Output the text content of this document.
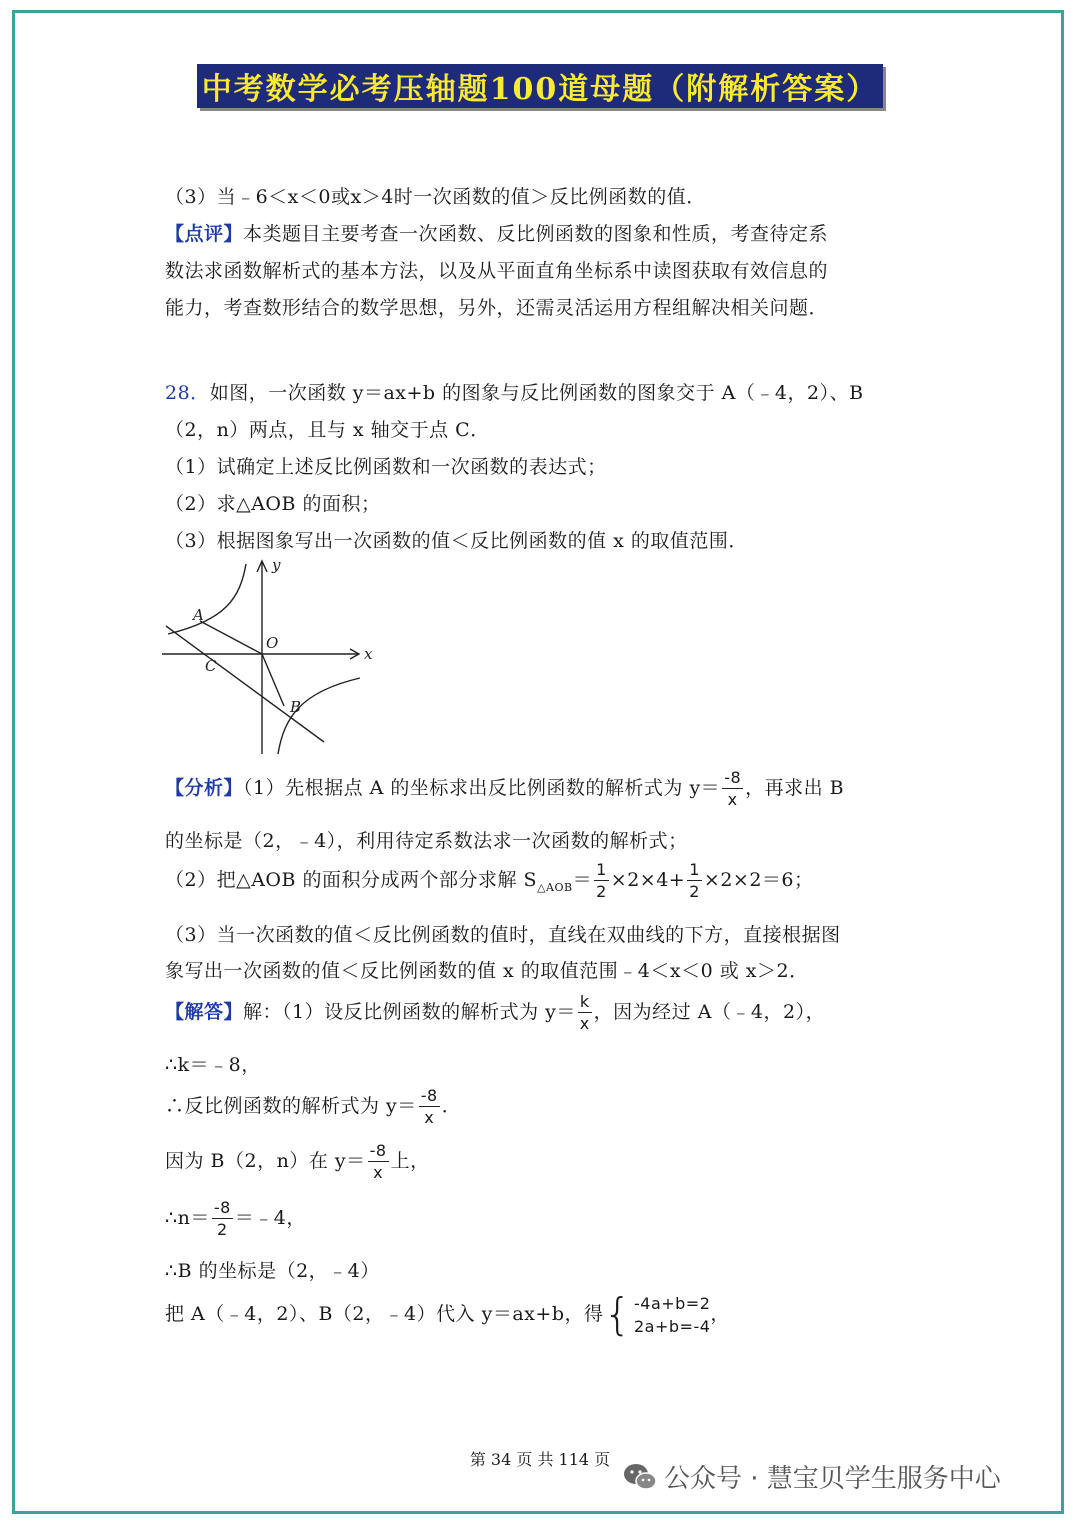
中考数学必考压轴题100道母题（附解析答案）
（3）当﹣6＜x＜0或x＞4时一次函数的值＞反比例函数的值．
【点评】本类题目主要考查一次函数、反比例函数的图象和性质，考查待定系
数法求函数解析式的基本方法，以及从平面直角坐标系中读图获取有效信息的
能力，考查数形结合的数学思想，另外，还需灵活运用方程组解决相关问题．
28．如图，一次函数 y＝ax+b 的图象与反比例函数的图象交于 A（﹣4，2）、B
（2，n）两点，且与 x 轴交于点 C．
（1）试确定上述反比例函数和一次函数的表达式；
（2）求△AOB 的面积；
（3）根据图象写出一次函数的值＜反比例函数的值 x 的取值范围．
A
B
C
O
x
y
【分析】（1）先根据点 A 的坐标求出反比例函数的解析式为 $y= \frac{-8}{x}$ ，再求出 B
的坐标是（2，﹣4），利用待定系数法求一次函数的解析式；
（2）把△AOB 的面积分成两个部分求解 $S_{\triangle AOB}= \frac{1}{2} \times 2\times 4+ \frac{1}{2} \times 2\times 2=6$；
（3）当一次函数的值＜反比例函数的值时，直线在双曲线的下方，直接根据图
象写出一次函数的值＜反比例函数的值 x 的取值范围﹣4＜x＜0 或 x＞2．
【解答】解：（1）设反比例函数的解析式为 $y= \frac{k}{x}$ ，因为经过 A（﹣4，2），
∴k＝﹣8，
∴反比例函数的解析式为 $y= \frac{-8}{x}$ ．
因为 B（2，n）在 $y= \frac{-8}{x}$ 上，
∴n＝ $\frac{-8}{2}$ ＝﹣4，
∴B 的坐标是（2，﹣4）
把 A（﹣4，2）、B（2，﹣4）代入 y＝ax+b，得 { -4a+b=2
2a+b=-4
，
第 34 页 共 114 页
公众号 · 慧宝贝学生服务中心
